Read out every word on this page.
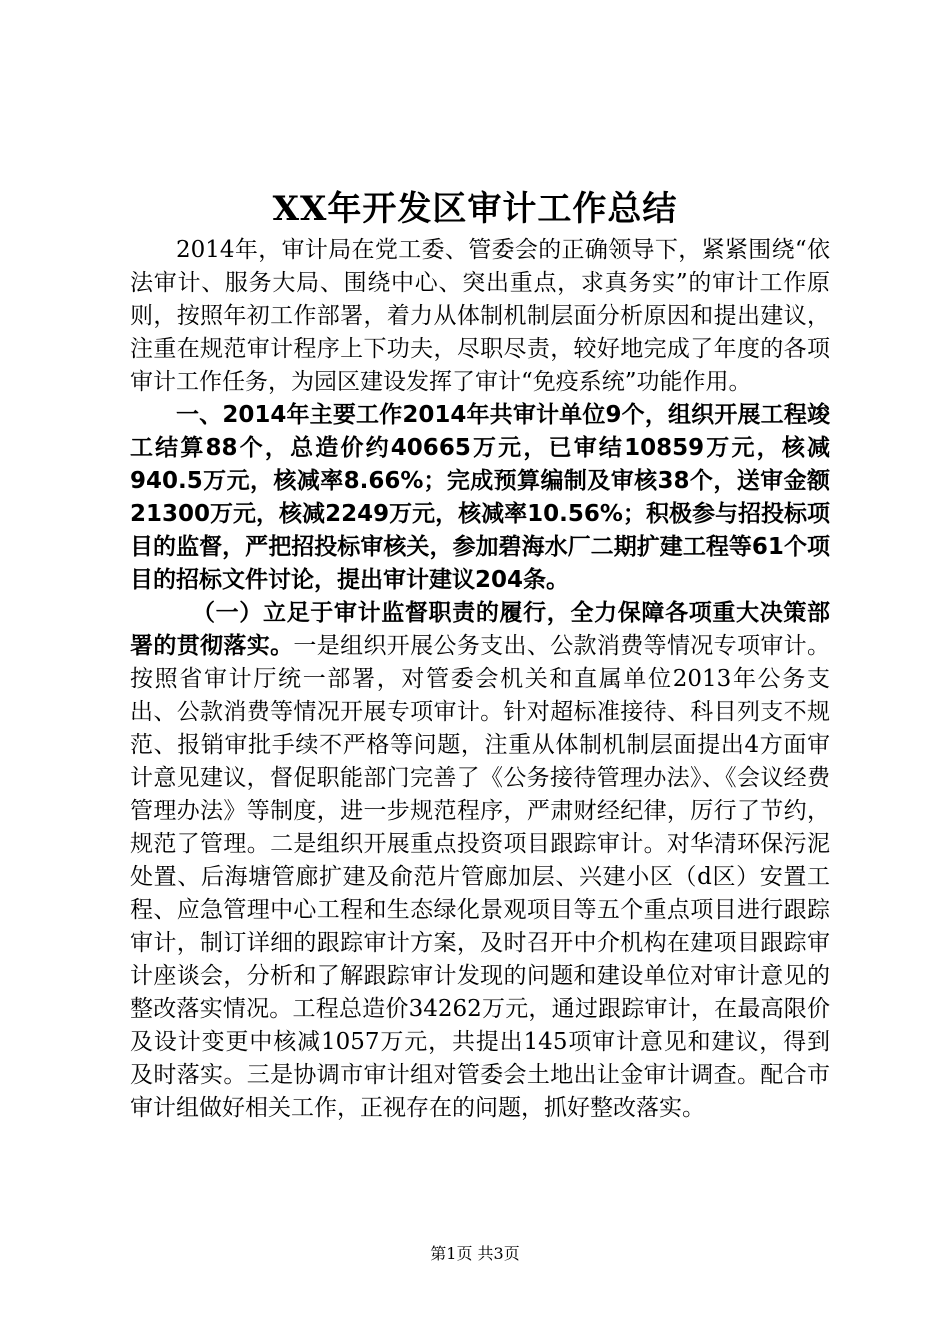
XX年开发区审计工作总结

2014年，审计局在党工委、管委会的正确领导下，紧紧围绕“依法审计、服务大局、围绕中心、突出重点，求真务实”的审计工作原则，按照年初工作部署，着力从体制机制层面分析原因和提出建议，注重在规范审计程序上下功夫，尽职尽责，较好地完成了年度的各项审计工作任务，为园区建设发挥了审计“免疫系统”功能作用。

一、2014年主要工作2014年共审计单位9个，组织开展工程竣工结算88个，总造价约40665万元，已审结10859万元，核减940.5万元，核减率8.66%；完成预算编制及审核38个，送审金额21300万元，核减2249万元，核减率10.56%；积极参与招投标项目的监督，严把招投标审核关，参加碧海水厂二期扩建工程等61个项目的招标文件讨论，提出审计建议204条。

（一）立足于审计监督职责的履行，全力保障各项重大决策部署的贯彻落实。一是组织开展公务支出、公款消费等情况专项审计。按照省审计厅统一部署，对管委会机关和直属单位2013年公务支出、公款消费等情况开展专项审计。针对超标准接待、科目列支不规范、报销审批手续不严格等问题，注重从体制机制层面提出4方面审计意见建议，督促职能部门完善了《公务接待管理办法》、《会议经费管理办法》等制度，进一步规范程序，严肃财经纪律，厉行了节约，规范了管理。二是组织开展重点投资项目跟踪审计。对华清环保污泥处置、后海塘管廊扩建及俞范片管廊加层、兴建小区（d区）安置工程、应急管理中心工程和生态绿化景观项目等五个重点项目进行跟踪审计，制订详细的跟踪审计方案，及时召开中介机构在建项目跟踪审计座谈会，分析和了解跟踪审计发现的问题和建设单位对审计意见的整改落实情况。工程总造价34262万元，通过跟踪审计，在最高限价及设计变更中核减1057万元，共提出145项审计意见和建议，得到及时落实。三是协调市审计组对管委会土地出让金审计调查。配合市审计组做好相关工作，正视存在的问题，抓好整改落实。

第1页 共3页
